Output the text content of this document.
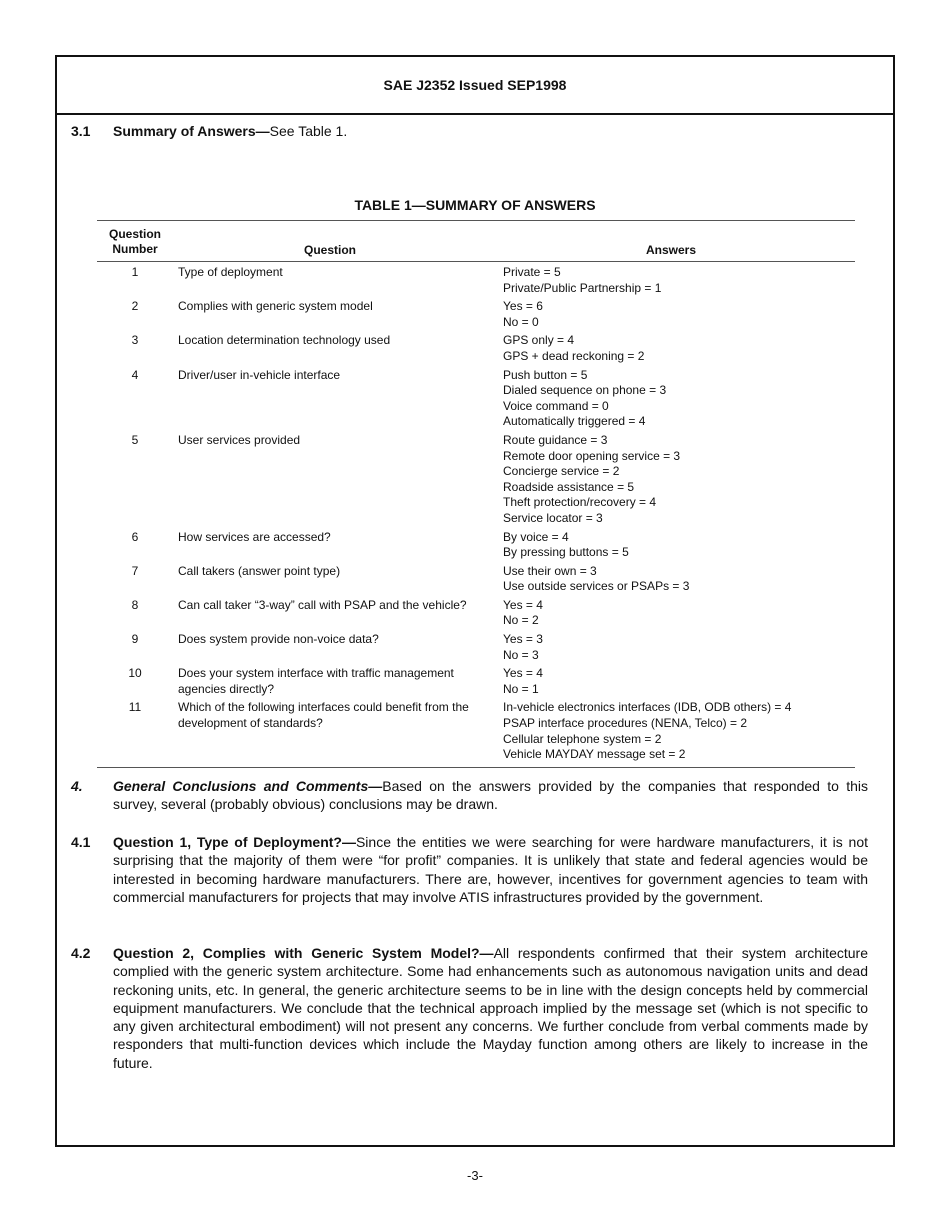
SAE J2352 Issued SEP1998
3.1 Summary of Answers—See Table 1.
TABLE 1—SUMMARY OF ANSWERS
Question
Number	Question	Answers
1	Type of deployment	Private = 5
Private/Public Partnership = 1
2	Complies with generic system model	Yes = 6
No = 0
3	Location determination technology used	GPS only = 4
GPS + dead reckoning = 2
4	Driver/user in-vehicle interface	Push button = 5
Dialed sequence on phone = 3
Voice command = 0
Automatically triggered = 4
5	User services provided	Route guidance = 3
Remote door opening service = 3
Concierge service = 2
Roadside assistance = 5
Theft protection/recovery = 4
Service locator = 3
6	How services are accessed?	By voice = 4
By pressing buttons = 5
7	Call takers (answer point type)	Use their own = 3
Use outside services or PSAPs = 3
8	Can call taker “3-way” call with PSAP and the vehicle?	Yes = 4
No = 2
9	Does system provide non-voice data?	Yes = 3
No = 3
10	Does your system interface with traffic management agencies directly?
Yes = 4
No = 1
11	Which of the following interfaces could benefit from the development of standards?
In-vehicle electronics interfaces (IDB, ODB others) = 4
PSAP interface procedures (NENA, Telco) = 2
Cellular telephone system = 2
Vehicle MAYDAY message set = 2
4. General Conclusions and Comments—Based on the answers provided by the companies that responded to this survey, several (probably obvious) conclusions may be drawn.
4.1 Question 1, Type of Deployment?—Since the entities we were searching for were hardware manufacturers, it is not surprising that the majority of them were “for profit” companies. It is unlikely that state and federal agencies would be interested in becoming hardware manufacturers. There are, however, incentives for government agencies to team with commercial manufacturers for projects that may involve ATIS infrastructures provided by the government.
4.2 Question 2, Complies with Generic System Model?—All respondents confirmed that their system architecture complied with the generic system architecture. Some had enhancements such as autonomous navigation units and dead reckoning units, etc. In general, the generic architecture seems to be in line with the design concepts held by commercial equipment manufacturers. We conclude that the technical approach implied by the message set (which is not specific to any given architectural embodiment) will not present any concerns. We further conclude from verbal comments made by responders that multi-function devices which include the Mayday function among others are likely to increase in the future.
-3-
